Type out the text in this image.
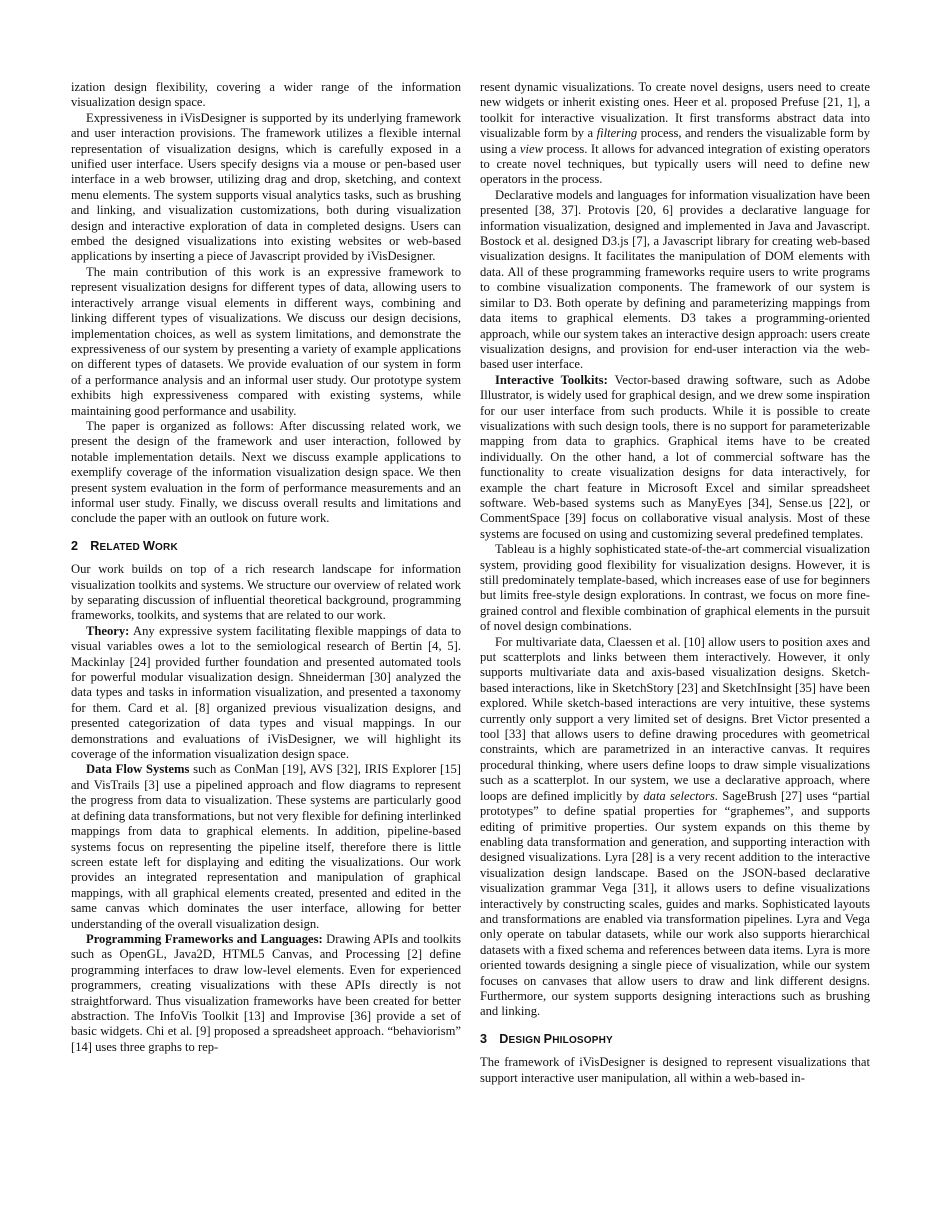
ization design flexibility, covering a wider range of the information visualization design space.

Expressiveness in iVisDesigner is supported by its underlying framework and user interaction provisions. The framework utilizes a flexible internal representation of visualization designs, which is carefully exposed in a unified user interface. Users specify designs via a mouse or pen-based user interface in a web browser, utilizing drag and drop, sketching, and context menu elements. The system supports visual analytics tasks, such as brushing and linking, and visualization customizations, both during visualization design and interactive exploration of data in completed designs. Users can embed the designed visualizations into existing websites or web-based applications by inserting a piece of Javascript provided by iVisDesigner.

The main contribution of this work is an expressive framework to represent visualization designs for different types of data, allowing users to interactively arrange visual elements in different ways, combining and linking different types of visualizations. We discuss our design decisions, implementation choices, as well as system limitations, and demonstrate the expressiveness of our system by presenting a variety of example applications on different types of datasets. We provide evaluation of our system in form of a performance analysis and an informal user study. Our prototype system exhibits high expressiveness compared with existing systems, while maintaining good performance and usability.

The paper is organized as follows: After discussing related work, we present the design of the framework and user interaction, followed by notable implementation details. Next we discuss example applications to exemplify coverage of the information visualization design space. We then present system evaluation in the form of performance measurements and an informal user study. Finally, we discuss overall results and limitations and conclude the paper with an outlook on future work.

2 RELATED WORK

Our work builds on top of a rich research landscape for information visualization toolkits and systems. We structure our overview of related work by separating discussion of influential theoretical background, programming frameworks, toolkits, and systems that are related to our work.

Theory: Any expressive system facilitating flexible mappings of data to visual variables owes a lot to the semiological research of Bertin [4, 5]. Mackinlay [24] provided further foundation and presented automated tools for powerful modular visualization design. Shneiderman [30] analyzed the data types and tasks in information visualization, and presented a taxonomy for them. Card et al. [8] organized previous visualization designs, and presented categorization of data types and visual mappings. In our demonstrations and evaluations of iVisDesigner, we will highlight its coverage of the information visualization design space.

Data Flow Systems such as ConMan [19], AVS [32], IRIS Explorer [15] and VisTrails [3] use a pipelined approach and flow diagrams to represent the progress from data to visualization. These systems are particularly good at defining data transformations, but not very flexible for defining interlinked mappings from data to graphical elements. In addition, pipeline-based systems focus on representing the pipeline itself, therefore there is little screen estate left for displaying and editing the visualizations. Our work provides an integrated representation and manipulation of graphical mappings, with all graphical elements created, presented and edited in the same canvas which dominates the user interface, allowing for better understanding of the overall visualization design.

Programming Frameworks and Languages: Drawing APIs and toolkits such as OpenGL, Java2D, HTML5 Canvas, and Processing [2] define programming interfaces to draw low-level elements. Even for experienced programmers, creating visualizations with these APIs directly is not straightforward. Thus visualization frameworks have been created for better abstraction. The InfoVis Toolkit [13] and Improvise [36] provide a set of basic widgets. Chi et al. [9] proposed a spreadsheet approach. “behaviorism” [14] uses three graphs to rep-

resent dynamic visualizations. To create novel designs, users need to create new widgets or inherit existing ones. Heer et al. proposed Prefuse [21, 1], a toolkit for interactive visualization. It first transforms abstract data into visualizable form by a filtering process, and renders the visualizable form by using a view process. It allows for advanced integration of existing operators to create novel techniques, but typically users will need to define new operators in the process.

Declarative models and languages for information visualization have been presented [38, 37]. Protovis [20, 6] provides a declarative language for information visualization, designed and implemented in Java and Javascript. Bostock et al. designed D3.js [7], a Javascript library for creating web-based visualization designs. It facilitates the manipulation of DOM elements with data. All of these programming frameworks require users to write programs to combine visualization components. The framework of our system is similar to D3. Both operate by defining and parameterizing mappings from data items to graphical elements. D3 takes a programming-oriented approach, while our system takes an interactive design approach: users create visualization designs, and provision for end-user interaction via the web-based user interface.

Interactive Toolkits: Vector-based drawing software, such as Adobe Illustrator, is widely used for graphical design, and we drew some inspiration for our user interface from such products. While it is possible to create visualizations with such design tools, there is no support for parameterizable mapping from data to graphics. Graphical items have to be created individually. On the other hand, a lot of commercial software has the functionality to create visualization designs for data interactively, for example the chart feature in Microsoft Excel and similar spreadsheet software. Web-based systems such as ManyEyes [34], Sense.us [22], or CommentSpace [39] focus on collaborative visual analysis. Most of these systems are focused on using and customizing several predefined templates.

Tableau is a highly sophisticated state-of-the-art commercial visualization system, providing good flexibility for visualization designs. However, it is still predominately template-based, which increases ease of use for beginners but limits free-style design explorations. In contrast, we focus on more fine-grained control and flexible combination of graphical elements in the pursuit of novel design combinations.

For multivariate data, Claessen et al. [10] allow users to position axes and put scatterplots and links between them interactively. However, it only supports multivariate data and axis-based visualization designs. Sketch-based interactions, like in SketchStory [23] and SketchInsight [35] have been explored. While sketch-based interactions are very intuitive, these systems currently only support a very limited set of designs. Bret Victor presented a tool [33] that allows users to define drawing procedures with geometrical constraints, which are parametrized in an interactive canvas. It requires procedural thinking, where users define loops to draw simple visualizations such as a scatterplot. In our system, we use a declarative approach, where loops are defined implicitly by data selectors. SageBrush [27] uses “partial prototypes” to define spatial properties for “graphemes”, and supports editing of primitive properties. Our system expands on this theme by enabling data transformation and generation, and supporting interaction with designed visualizations. Lyra [28] is a very recent addition to the interactive visualization design landscape. Based on the JSON-based declarative visualization grammar Vega [31], it allows users to define visualizations interactively by constructing scales, guides and marks. Sophisticated layouts and transformations are enabled via transformation pipelines. Lyra and Vega only operate on tabular datasets, while our work also supports hierarchical datasets with a fixed schema and references between data items. Lyra is more oriented towards designing a single piece of visualization, while our system focuses on canvases that allow users to draw and link different designs. Furthermore, our system supports designing interactions such as brushing and linking.

3 DESIGN PHILOSOPHY

The framework of iVisDesigner is designed to represent visualizations that support interactive user manipulation, all within a web-based in-
